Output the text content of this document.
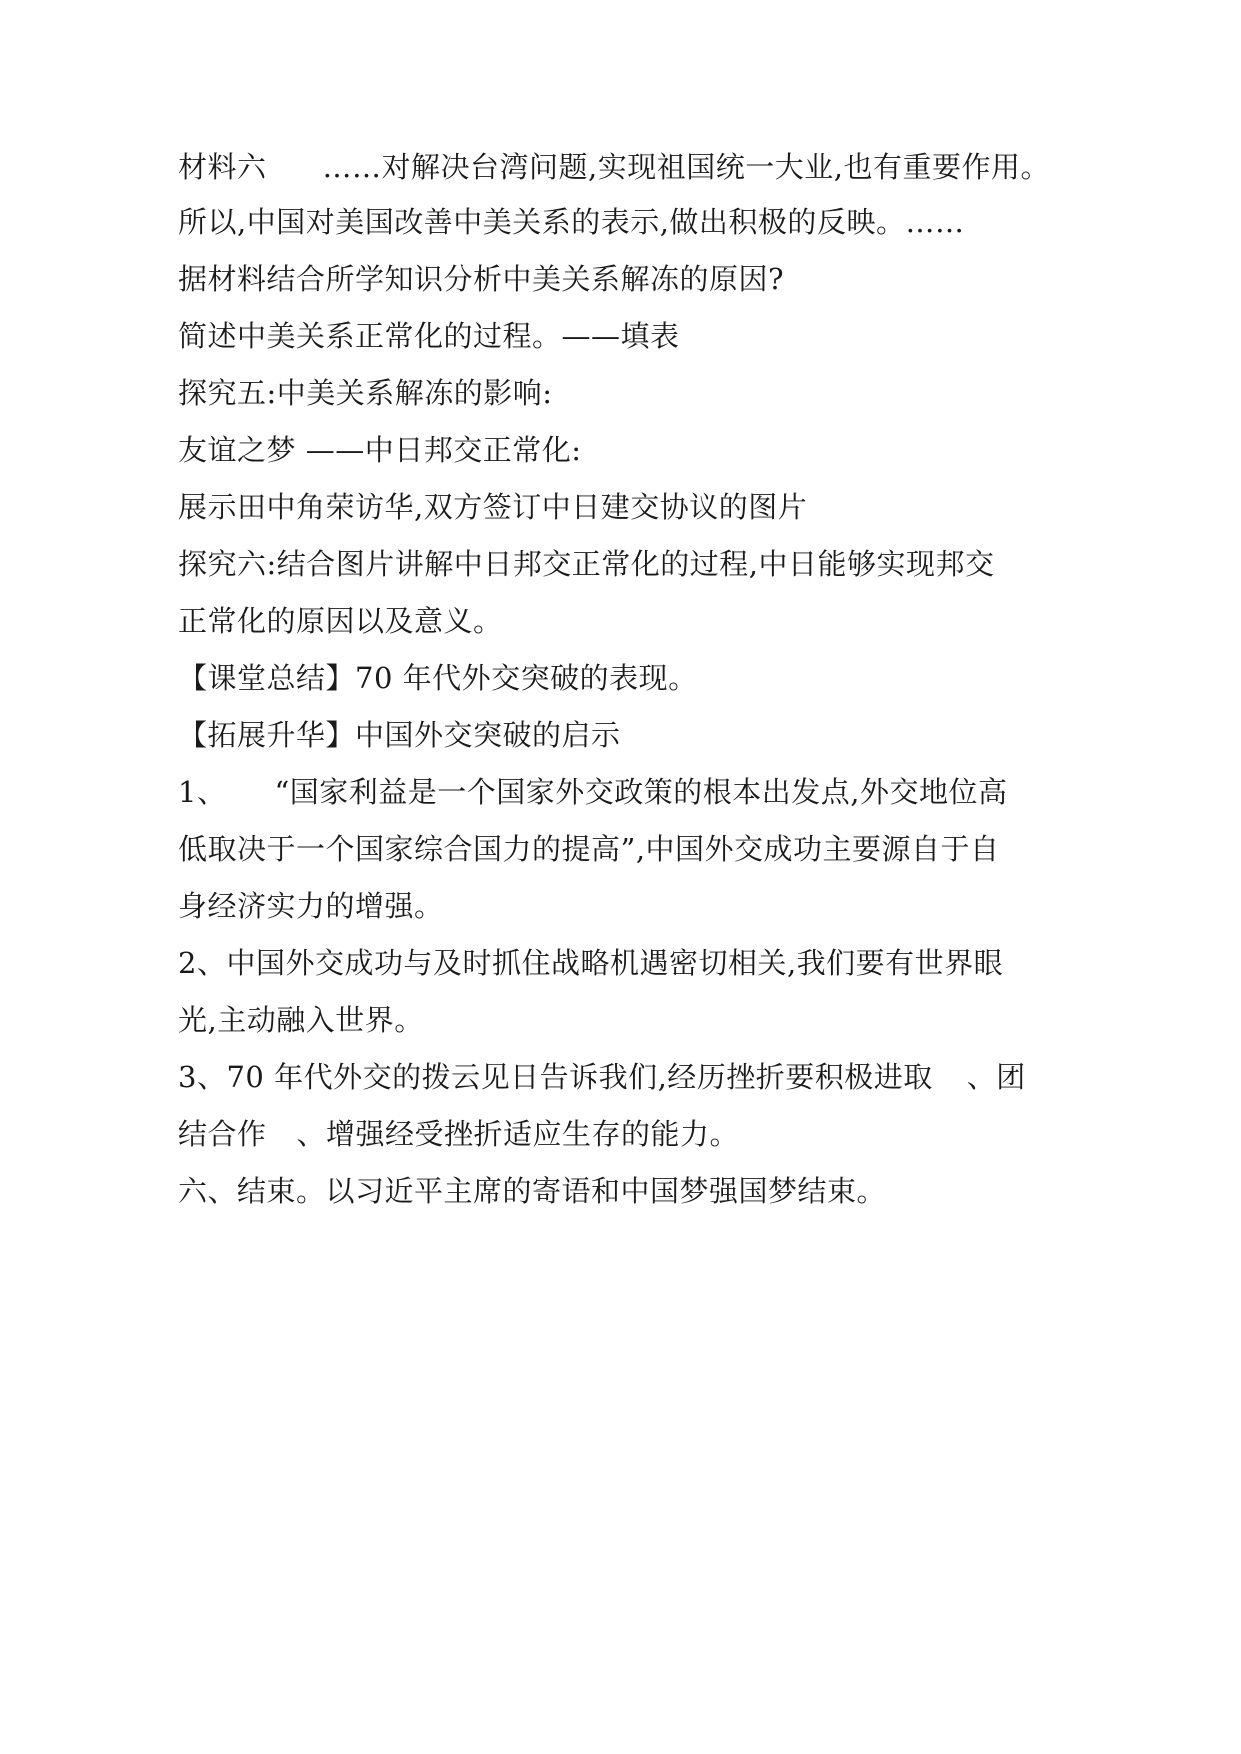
材料六 ……对解决台湾问题,实现祖国统一大业,也有重要作用。
所以,中国对美国改善中美关系的表示,做出积极的反映。……
据材料结合所学知识分析中美关系解冻的原因?
简述中美关系正常化的过程。——填表
探究五:中美关系解冻的影响:
友谊之梦 ——中日邦交正常化:
展示田中角荣访华,双方签订中日建交协议的图片
探究六:结合图片讲解中日邦交正常化的过程,中日能够实现邦交
正常化的原因以及意义。
【课堂总结】70 年代外交突破的表现。
【拓展升华】中国外交突破的启示
1、 “国家利益是一个国家外交政策的根本出发点,外交地位高
低取决于一个国家综合国力的提高”,中国外交成功主要源自于自
身经济实力的增强。
2、中国外交成功与及时抓住战略机遇密切相关,我们要有世界眼
光,主动融入世界。
3、70 年代外交的拨云见日告诉我们,经历挫折要积极进取 、团
结合作 、增强经受挫折适应生存的能力。
六、结束。以习近平主席的寄语和中国梦强国梦结束。
